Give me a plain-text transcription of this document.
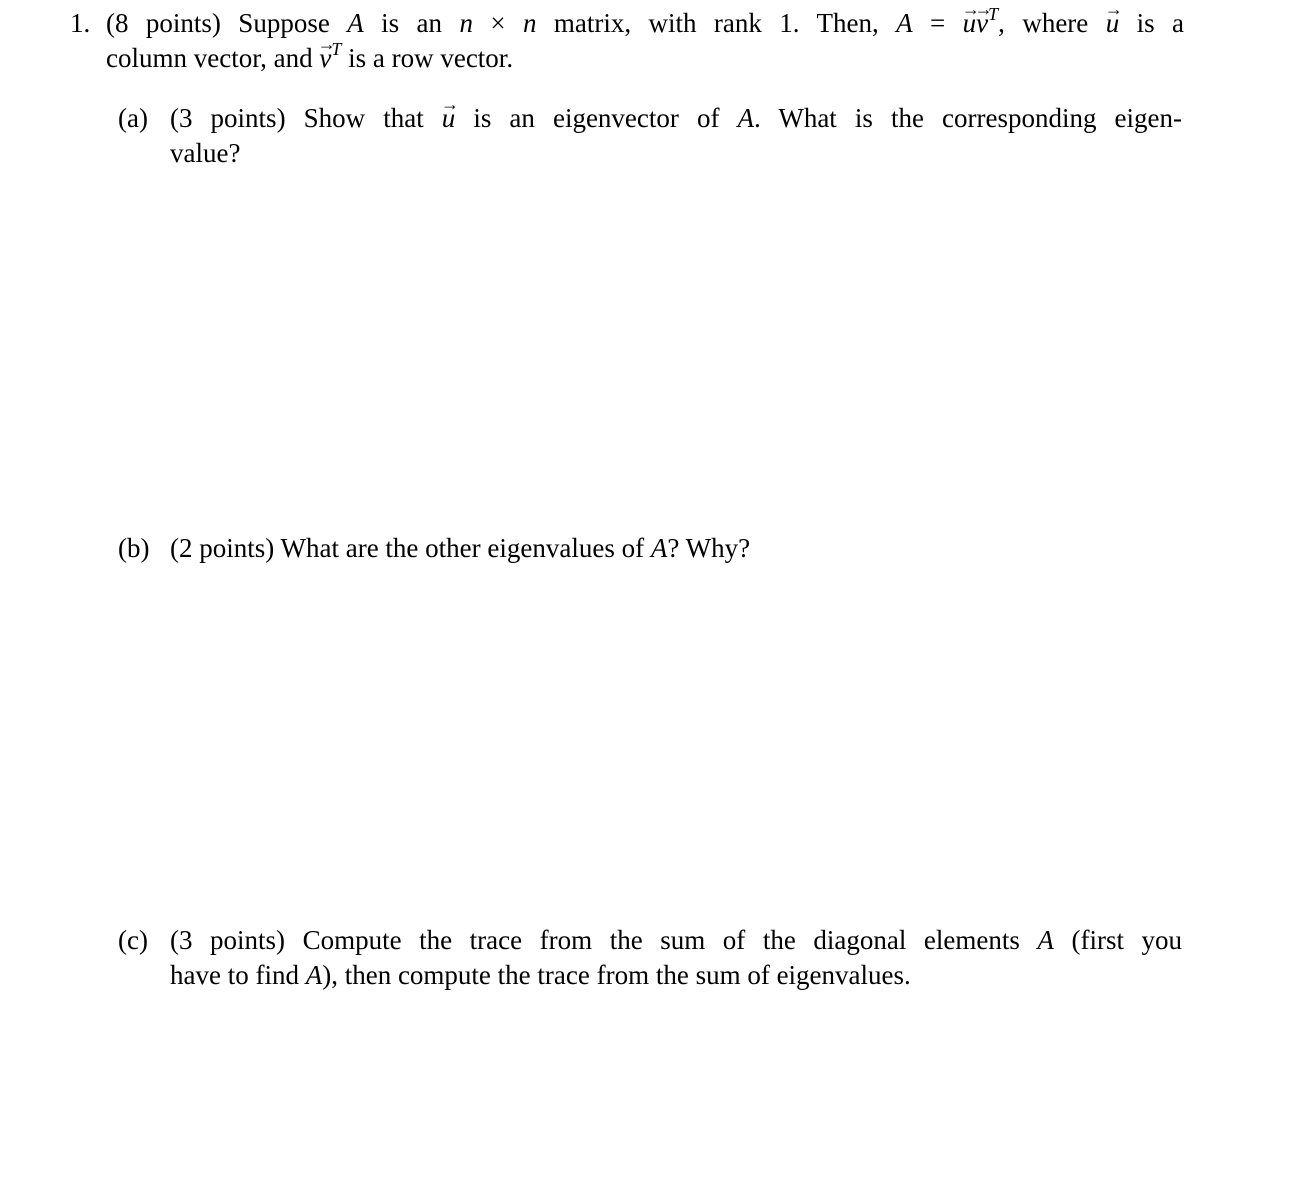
1. (8 points) Suppose A is an n × n matrix, with rank 1. Then, A = → $u\to v^T$, where → u is a
column vector, and → $v^T$ is a row vector.
(a) (3 points) Show that → u is an eigenvector of A. What is the corresponding eigen-
value?
(b) (2 points) What are the other eigenvalues of A? Why?
(c) (3 points) Compute the trace from the sum of the diagonal elements A (first you
have to find A), then compute the trace from the sum of eigenvalues.
